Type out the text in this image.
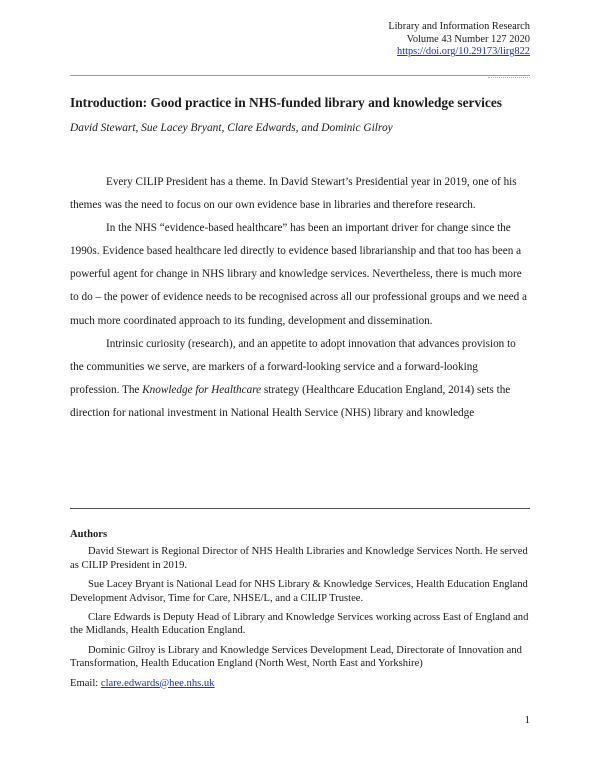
Library and Information Research
Volume 43 Number 127 2020
https://doi.org/10.29173/lirg822
Introduction: Good practice in NHS-funded library and knowledge services
David Stewart, Sue Lacey Bryant, Clare Edwards, and Dominic Gilroy

Every CILIP President has a theme. In David Stewart’s Presidential year in 2019, one of his themes was the need to focus on our own evidence base in libraries and therefore research.

In the NHS “evidence-based healthcare” has been an important driver for change since the 1990s. Evidence based healthcare led directly to evidence based librarianship and that too has been a powerful agent for change in NHS library and knowledge services. Nevertheless, there is much more to do – the power of evidence needs to be recognised across all our professional groups and we need a much more coordinated approach to its funding, development and dissemination.

Intrinsic curiosity (research), and an appetite to adopt innovation that advances provision to the communities we serve, are markers of a forward-looking service and a forward-looking profession. The Knowledge for Healthcare strategy (Healthcare Education England, 2014) sets the direction for national investment in National Health Service (NHS) library and knowledge

Authors

David Stewart is Regional Director of NHS Health Libraries and Knowledge Services North. He served as CILIP President in 2019.

Sue Lacey Bryant is National Lead for NHS Library & Knowledge Services, Health Education England Development Advisor, Time for Care, NHSE/L, and a CILIP Trustee.

Clare Edwards is Deputy Head of Library and Knowledge Services working across East of England and the Midlands, Health Education England.

Dominic Gilroy is Library and Knowledge Services Development Lead, Directorate of Innovation and Transformation, Health Education England (North West, North East and Yorkshire)

Email: clare.edwards@hee.nhs.uk

1
